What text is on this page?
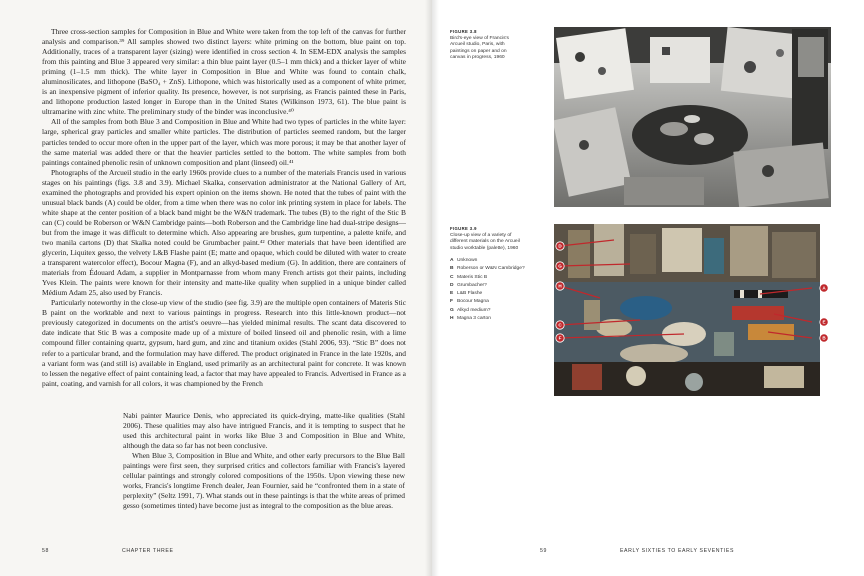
Three cross-section samples for Composition in Blue and White were taken from the top left of the canvas for further analysis and comparison.³⁹ All samples showed two distinct layers: white priming on the bottom, blue paint on top. Additionally, traces of a transparent layer (sizing) were identified in cross section 4. In SEM-EDX analysis the samples from this painting and Blue 3 appeared very similar: a thin blue paint layer (0.5–1 mm thick) and a thicker layer of white priming (1–1.5 mm thick). The white layer in Composition in Blue and White was found to contain chalk, aluminosilicates, and lithopone (BaSO₄ + ZnS). Lithopone, which was historically used as a component of white primer, is an inexpensive pigment of inferior quality. Its presence, however, is not surprising, as Francis painted these in Paris, and lithopone production lasted longer in Europe than in the United States (Wilkinson 1973, 61). The blue paint is ultramarine with zinc white. The preliminary study of the binder was inconclusive.⁴⁰

All of the samples from both Blue 3 and Composition in Blue and White had two types of particles in the white layer: large, spherical gray particles and smaller white particles. The distribution of particles seemed random, but the larger particles tended to occur more often in the upper part of the layer, which was more porous; it may be that another layer of the same material was added there or that the heavier particles settled to the bottom. The white samples from both paintings contained phenolic resin of unknown composition and plant (linseed) oil.⁴¹

Photographs of the Arcueil studio in the early 1960s provide clues to a number of the materials Francis used in various stages on his paintings (figs. 3.8 and 3.9). Michael Skalka, conservation administrator at the National Gallery of Art, examined the photographs and provided his expert opinion on the items shown. He noted that the tubes of paint with the unusual black bands (A) could be older, from a time when there was no color ink printing system in place for labels. The white shape at the center position of a black band might be the W&N trademark. The tubes (B) to the right of the Stic B can (C) could be Roberson or W&N Cambridge paints—both Roberson and the Cambridge line had dual-stripe designs—but from the image it was difficult to determine which. Also appearing are brushes, gum turpentine, a palette knife, and two manila cartons (D) that Skalka noted could be Grumbacher paint.⁴² Other materials that have been identified are glycerin, Liquitex gesso, the velvety L&B Flashe paint (E; matte and opaque, which could be diluted with water to create a transparent watercolor effect), Bocour Magna (F), and an alkyd-based medium (G). In addition, there are containers of materials from Édouard Adam, a supplier in Montparnasse from whom many French artists got their paints, including Yves Klein. The paints were known for their intensity and matte-like quality when supplied in a unique binder called Médium Adam 25, also used by Francis.

Particularly noteworthy in the close-up view of the studio (see fig. 3.9) are the multiple open containers of Materis Stic B paint on the worktable and next to various paintings in progress. Research into this little-known product—not previously categorized in documents on the artist's oeuvre—has yielded minimal results. The scant data discovered to date indicate that Stic B was a composite made up of a mixture of boiled linseed oil and phenolic resin, with a lime compound filler containing quartz, gypsum, hard gum, and zinc and titanium oxides (Stahl 2006, 93). “Stic B” does not refer to a particular brand, and the formulation may have differed. The product originated in France in the late 1920s, and a variant form was (and still is) available in England, used primarily as an architectural paint for concrete. It was known to lessen the negative effect of paint containing lead, a factor that may have appealed to Francis. Advertised in France as a paint, coating, and varnish for all colors, it was championed by the French

58	CHAPTER THREE
FIGURE 3.8
Bird's-eye view of Francis's Arcueil studio, Paris, with paintings on paper and on canvas in progress, 1960
FIGURE 3.9
Close-up view of a variety of different materials on the Arcueil studio worktable (palette), 1960
A Unknown
B Roberson or W&N Cambridge?
C Materis Stic B
D Grumbacher?
E L&B Flashe
F Bocour Magna
G Alkyd medium?
H Magna 3 carton
D
G
H
C
F
A
E
B

Nabi painter Maurice Denis, who appreciated its quick-drying, matte-like qualities (Stahl 2006). These qualities may also have intrigued Francis, and it is tempting to suspect that he used this architectural paint in works like Blue 3 and Composition in Blue and White, although the data so far has not been conclusive.

When Blue 3, Composition in Blue and White, and other early precursors to the Blue Ball paintings were first seen, they surprised critics and collectors familiar with Francis's layered cellular paintings and strongly colored compositions of the 1950s. Upon viewing these new works, Francis's longtime French dealer, Jean Fournier, said he “confronted them in a state of perplexity” (Seltz 1991, 7). What stands out in these paintings is that the white areas of primed gesso (sometimes tinted) have become just as integral to the composition as the blue areas.

59	EARLY SIXTIES TO EARLY SEVENTIES
